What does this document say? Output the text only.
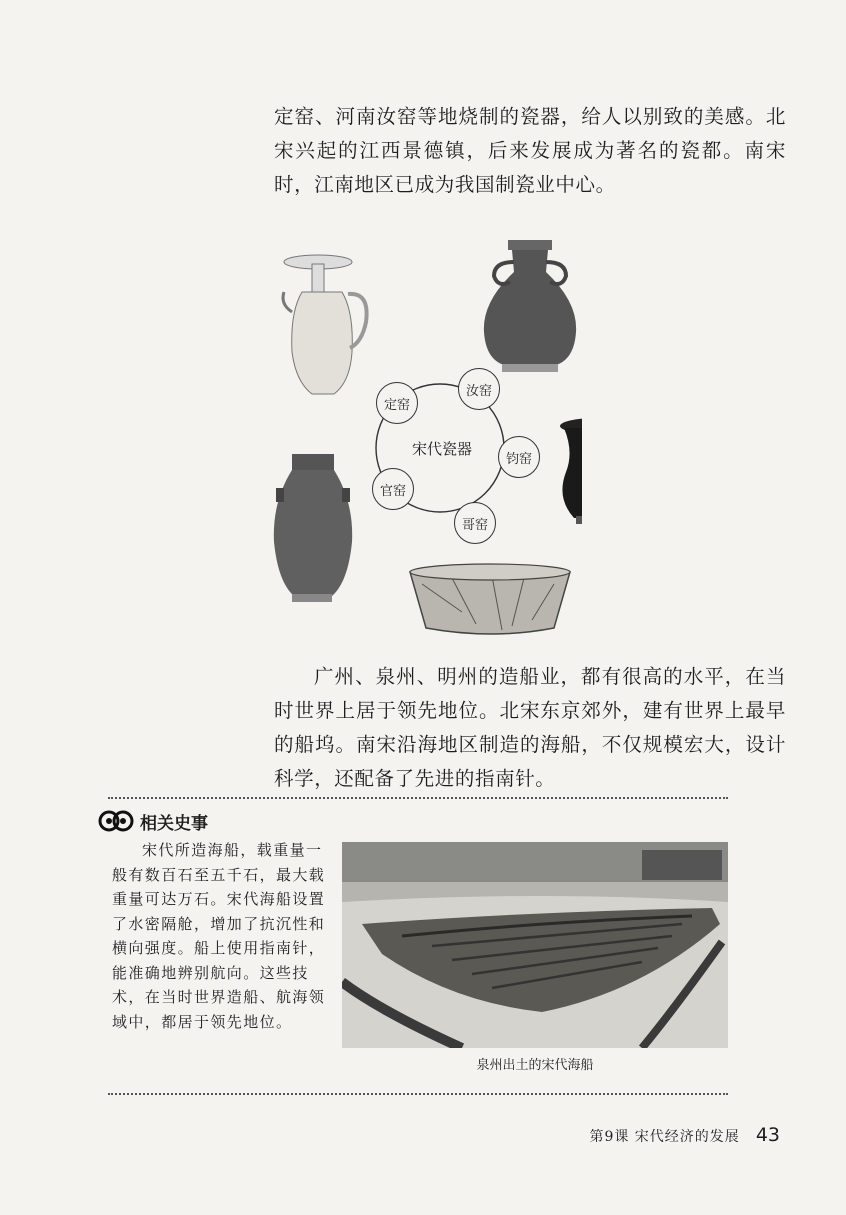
定窑、河南汝窑等地烧制的瓷器，给人以别致的美感。北宋兴起的江西景德镇，后来发展成为著名的瓷都。南宋时，江南地区已成为我国制瓷业中心。

定窑
汝窑
钧窑
哥窑
官窑
宋代瓷器

广州、泉州、明州的造船业，都有很高的水平，在当时世界上居于领先地位。北宋东京郊外，建有世界上最早的船坞。南宋沿海地区制造的海船，不仅规模宏大，设计科学，还配备了先进的指南针。

相关史事

宋代所造海船，载重量一般有数百石至五千石，最大载重量可达万石。宋代海船设置了水密隔舱，增加了抗沉性和横向强度。船上使用指南针，能准确地辨别航向。这些技术，在当时世界造船、航海领域中，都居于领先地位。

泉州出土的宋代海船
第9课 宋代经济的发展 43
